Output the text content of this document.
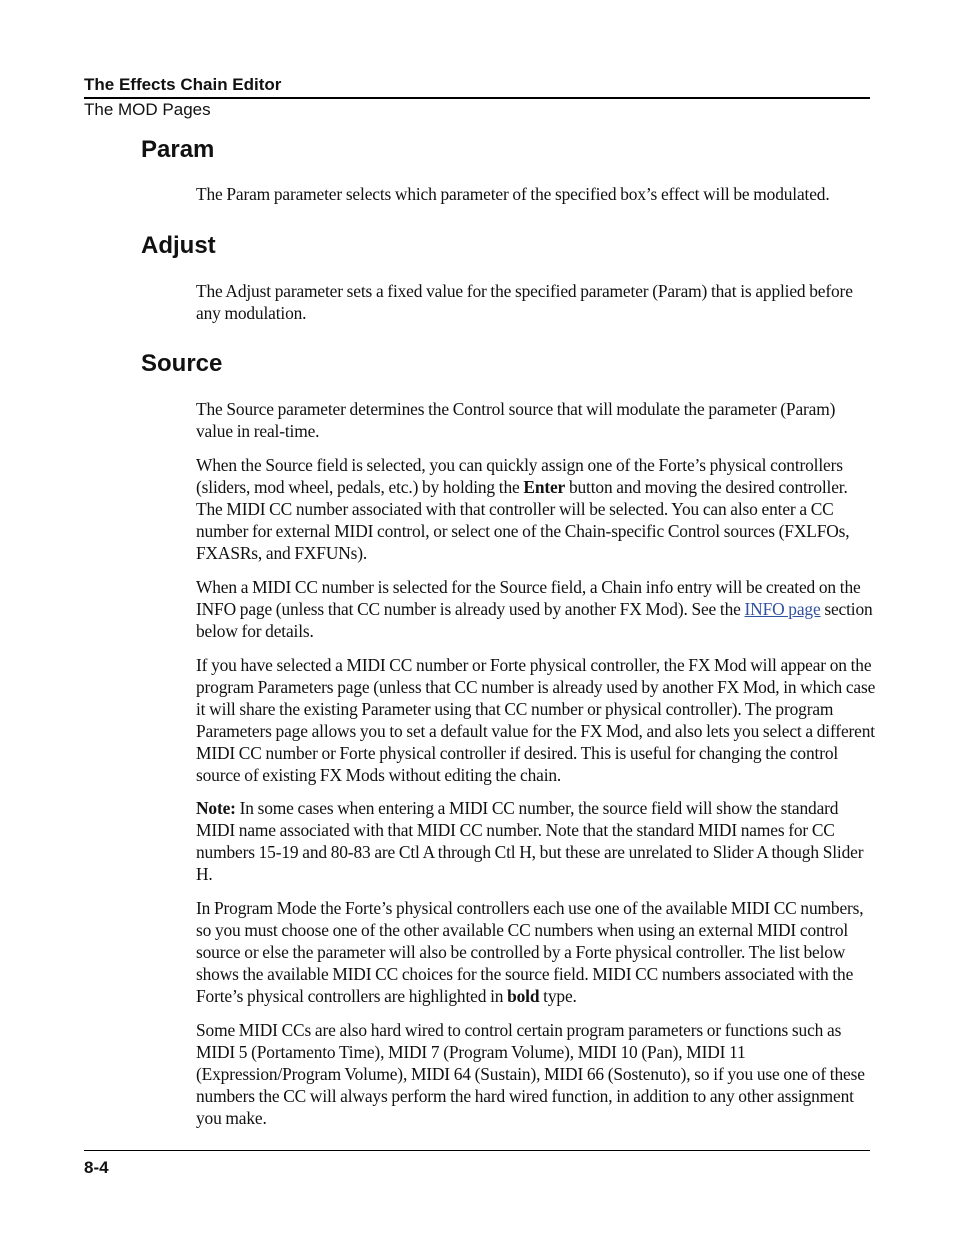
The Effects Chain Editor
The MOD Pages
Param

The Param parameter selects which parameter of the specified box’s effect will be modulated.

Adjust

The Adjust parameter sets a fixed value for the specified parameter (Param) that is applied before any modulation.

Source

The Source parameter determines the Control source that will modulate the parameter (Param) value in real-time.

When the Source field is selected, you can quickly assign one of the Forte’s physical controllers (sliders, mod wheel, pedals, etc.) by holding the Enter button and moving the desired controller. The MIDI CC number associated with that controller will be selected. You can also enter a CC number for external MIDI control, or select one of the Chain-specific Control sources (FXLFOs, FXASRs, and FXFUNs).

When a MIDI CC number is selected for the Source field, a Chain info entry will be created on the INFO page (unless that CC number is already used by another FX Mod). See the INFO page section below for details.

If you have selected a MIDI CC number or Forte physical controller, the FX Mod will appear on the program Parameters page (unless that CC number is already used by another FX Mod, in which case it will share the existing Parameter using that CC number or physical controller). The program Parameters page allows you to set a default value for the FX Mod, and also lets you select a different MIDI CC number or Forte physical controller if desired. This is useful for changing the control source of existing FX Mods without editing the chain.

Note: In some cases when entering a MIDI CC number, the source field will show the standard MIDI name associated with that MIDI CC number. Note that the standard MIDI names for CC numbers 15-19 and 80-83 are Ctl A through Ctl H, but these are unrelated to Slider A though Slider H.

In Program Mode the Forte’s physical controllers each use one of the available MIDI CC numbers, so you must choose one of the other available CC numbers when using an external MIDI control source or else the parameter will also be controlled by a Forte physical controller. The list below shows the available MIDI CC choices for the source field. MIDI CC numbers associated with the Forte’s physical controllers are highlighted in bold type.

Some MIDI CCs are also hard wired to control certain program parameters or functions such as MIDI 5 (Portamento Time), MIDI 7 (Program Volume), MIDI 10 (Pan), MIDI 11 (Expression/Program Volume), MIDI 64 (Sustain), MIDI 66 (Sostenuto), so if you use one of these numbers the CC will always perform the hard wired function, in addition to any other assignment you make.

8-4
